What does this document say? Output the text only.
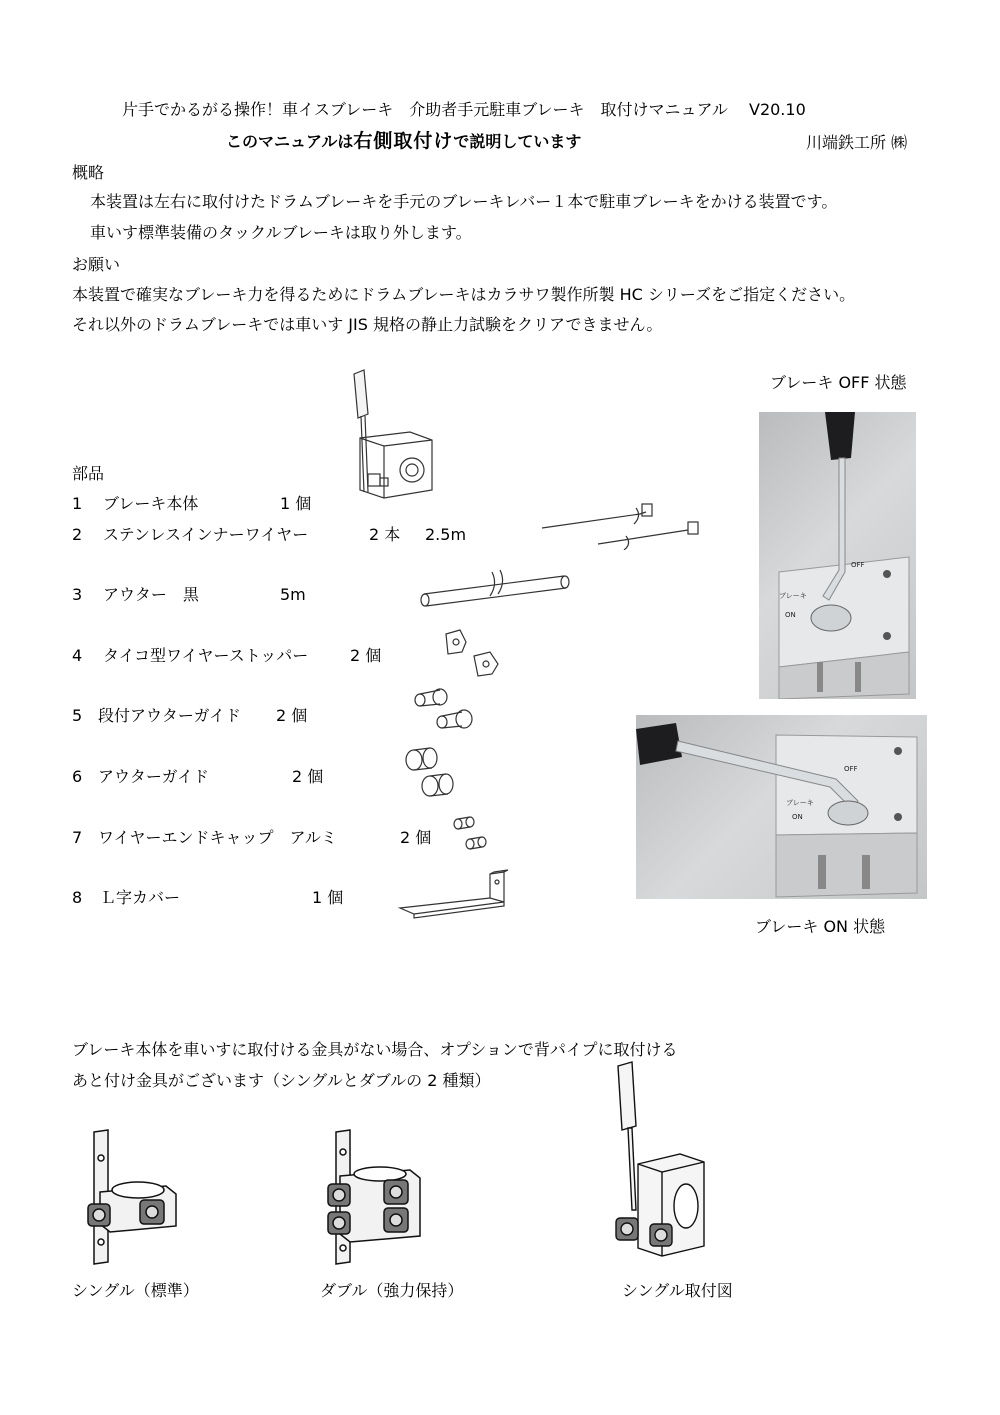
片手でかるがる操作！車イスブレーキ　介助者手元駐車ブレーキ　取付けマニュアル　 V20.10
このマニュアルは右側取付けで説明しています	川端鉄工所 ㈱
概略
本装置は左右に取付けたドラムブレーキを手元のブレーキレバー１本で駐車ブレーキをかける装置です。
車いす標準装備のタックルブレーキは取り外します。
お願い
本装置で確実なブレーキ力を得るためにドラムブレーキはカラサワ製作所製 HC シリーズをご指定ください。
それ以外のドラムブレーキでは車いす JIS 規格の静止力試験をクリアできません。
部品
1 ブレーキ本体	1 個
2 ステンレスインナーワイヤー	2 本 2.5m
3 アウター　黒	5m
4 タイコ型ワイヤーストッパー	2 個
5 段付アウターガイド 2 個
6 アウターガイド	2 個
7 ワイヤーエンドキャップ　アルミ	2 個
8 Ｌ字カバー	1 個
ブレーキ OFF 状態
ブレーキ
ON
OFF
ブレーキ
ON
OFF
ブレーキ ON 状態
ブレーキ本体を車いすに取付ける金具がない場合、オプションで背パイプに取付ける
あと付け金具がございます（シングルとダブルの 2 種類）
シングル（標準）	ダブル（強力保持）	シングル取付図
